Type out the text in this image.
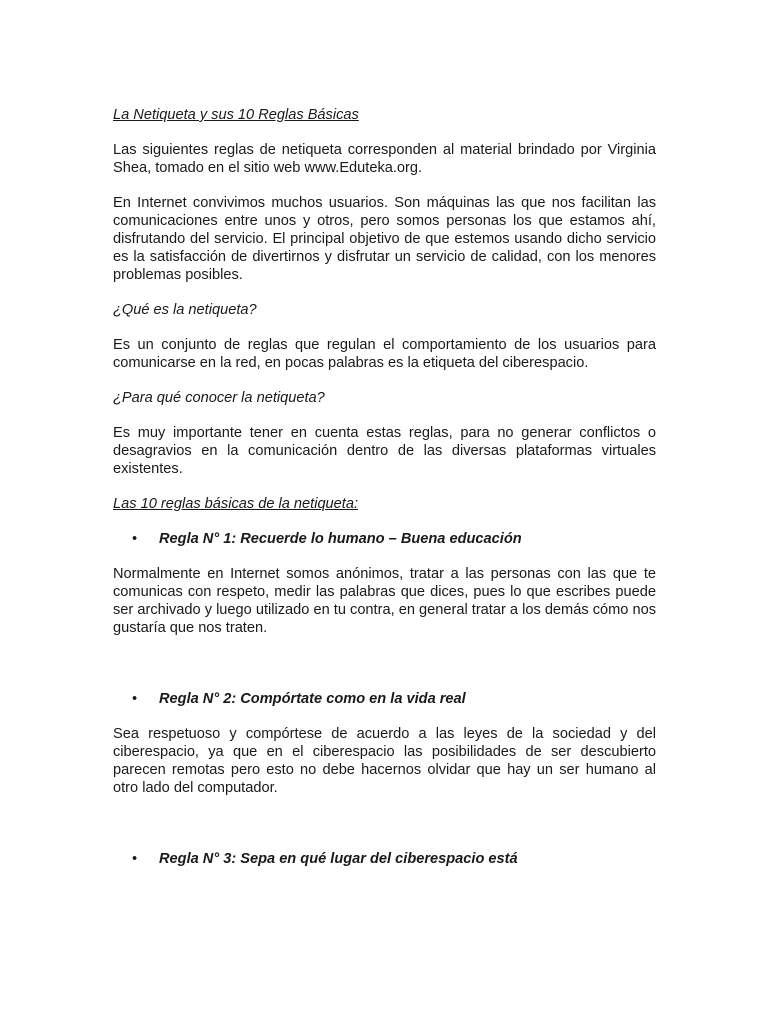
La Netiqueta y sus 10 Reglas Básicas

Las siguientes reglas de netiqueta corresponden al material brindado por Virginia Shea, tomado en el sitio web www.Eduteka.org.

En Internet convivimos muchos usuarios. Son máquinas las que nos facilitan las comunicaciones entre unos y otros, pero somos personas los que estamos ahí, disfrutando del servicio. El principal objetivo de que estemos usando dicho servicio es la satisfacción de divertirnos y disfrutar un servicio de calidad, con los menores problemas posibles.

¿Qué es la netiqueta?

Es un conjunto de reglas que regulan el comportamiento de los usuarios para comunicarse en la red, en pocas palabras es la etiqueta del ciberespacio.

¿Para qué conocer la netiqueta?

Es muy importante tener en cuenta estas reglas, para no generar conflictos o desagravios en la comunicación dentro de las diversas plataformas virtuales existentes.

Las 10 reglas básicas de la netiqueta:
• Regla N° 1: Recuerde lo humano – Buena educación

Normalmente en Internet somos anónimos, tratar a las personas con las que te comunicas con respeto, medir las palabras que dices, pues lo que escribes puede ser archivado y luego utilizado en tu contra, en general tratar a los demás cómo nos gustaría que nos traten.

• Regla N° 2: Compórtate como en la vida real

Sea respetuoso y compórtese de acuerdo a las leyes de la sociedad y del ciberespacio, ya que en el ciberespacio las posibilidades de ser descubierto parecen remotas pero esto no debe hacernos olvidar que hay un ser humano al otro lado del computador.

• Regla N° 3: Sepa en qué lugar del ciberespacio está
